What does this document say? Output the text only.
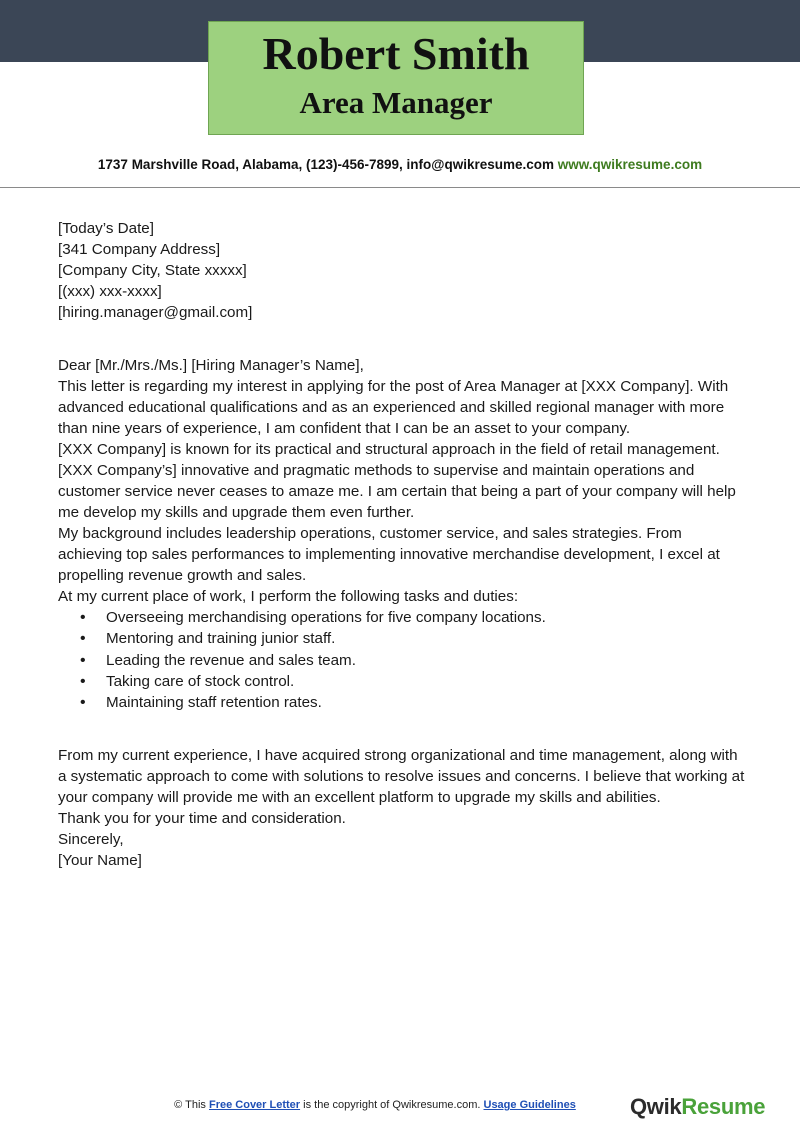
Robert Smith
Area Manager
1737 Marshville Road, Alabama, (123)-456-7899, info@qwikresume.com www.qwikresume.com

[Today’s Date]

[341 Company Address]

[Company City, State xxxxx]

[(xxx) xxx-xxxx]

[hiring.manager@gmail.com]

Dear [Mr./Mrs./Ms.] [Hiring Manager’s Name],

This letter is regarding my interest in applying for the post of Area Manager at [XXX Company]. With advanced educational qualifications and as an experienced and skilled regional manager with more than nine years of experience, I am confident that I can be an asset to your company.

[XXX Company] is known for its practical and structural approach in the field of retail management. [XXX Company’s] innovative and pragmatic methods to supervise and maintain operations and customer service never ceases to amaze me. I am certain that being a part of your company will help me develop my skills and upgrade them even further.

My background includes leadership operations, customer service, and sales strategies. From achieving top sales performances to implementing innovative merchandise development, I excel at propelling revenue growth and sales.

At my current place of work, I perform the following tasks and duties:

• Overseeing merchandising operations for five company locations.
• Mentoring and training junior staff.
• Leading the revenue and sales team.
• Taking care of stock control.
• Maintaining staff retention rates.

From my current experience, I have acquired strong organizational and time management, along with a systematic approach to come with solutions to resolve issues and concerns. I believe that working at your company will provide me with an excellent platform to upgrade my skills and abilities.

Thank you for your time and consideration.

Sincerely,

[Your Name]

© This Free Cover Letter is the copyright of Qwikresume.com. Usage Guidelines	QwikResume
